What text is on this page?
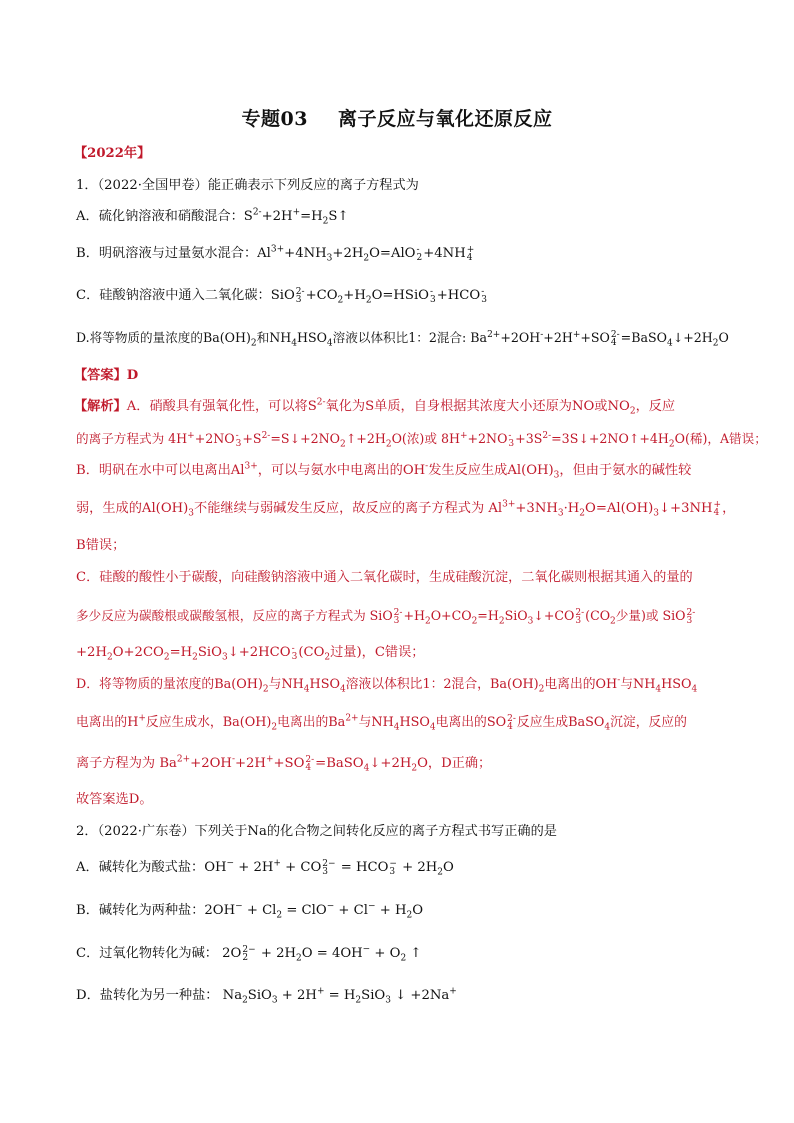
专题03 离子反应与氧化还原反应
【2022年】
1．（2022·全国甲卷）能正确表示下列反应的离子方程式为
A．硫化钠溶液和硝酸混合：$S^{2-}+2H^+=H_2S↑$
B．明矾溶液与过量氨水混合：$Al^{3+}+4NH_3+2H_2O=AlO$ -
2 +4NH +
4
C．硅酸钠溶液中通入二氧化碳：SiO 2-
$3 +CO_2+H_2O=HSiO$ -
3 +HCO -
3
D.将等物质的量浓度的$Ba(OH)_2$和$NH_4HSO_4$溶液以体积比1：2混合: $Ba^{2+}+2OH^-+2H^++SO$ 2-
$4 =BaSO_4↓+2H_2O$
【答案】D
【解析】A．硝酸具有强氧化性，可以将$S^{2-}$氧化为S单质，自身根据其浓度大小还原为NO或$NO_2$，反应
的离子方程式为 4H++2NO -
$3 +S^{2-}=S↓+2NO_2↑+2H_2O$(浓)或 8H++2NO -
$3 +3S^{2-}=3S↓+2NO↑+4H_2O$(稀)，A错误；
B．明矾在水中可以电离出$Al^{3+}$，可以与氨水中电离出的OH-发生反应生成$Al(OH)_3$，但由于氨水的碱性较
弱，生成的$Al(OH)_3$不能继续与弱碱发生反应，故反应的离子方程式为 $Al^{3+}+3NH_3\cdot H_2O=Al(OH)_3↓+3NH$ +
4 ，
B错误；
C．硅酸的酸性小于碳酸，向硅酸钠溶液中通入二氧化碳时，生成硅酸沉淀，二氧化碳则根据其通入的量的
多少反应为碳酸根或碳酸氢根，反应的离子方程式为 SiO 2-
$3 +H_2O+CO_2=H_2SiO_3↓+CO$ 2-
3 ($CO_2$少量)或 SiO 2-
3
$+2H_2O+2CO_2=H_2SiO_3↓+2HCO$ -
3 ($CO_2$过量)，C错误；
D．将等物质的量浓度的$Ba(OH)_2$与$NH_4HSO_4$溶液以体积比1：2混合，$Ba(OH)_2$电离出的OH-与$NH_4HSO_4$
电离出的H+反应生成水，$Ba(OH)_2$电离出的$Ba^{2+}$与$NH_4HSO_4$电离出的SO 2-
4 反应生成BaSO$_4$沉淀，反应的
离子方程为为 $Ba^{2+}+2OH^-+2H^++SO$ 2-
$4 =BaSO_4↓+2H_2O$，D正确；
故答案选D。
2．（2022·广东卷）下列关于Na的化合物之间转化反应的离子方程式书写正确的是
A．碱转化为酸式盐：OH− + 2H+ + CO 2−
3 = HCO −
$3 + 2H_2O$
B．碱转化为两种盐：$2OH^- + Cl_2 = ClO^- + Cl^- + H_2O$
C．过氧化物转化为碱： 2O 2−
$2 + 2H_2O = 4OH^- + O_2$ ↑
D．盐转化为另一种盐： $Na_2SiO_3 + 2H^+ = H_2SiO_3$ ↓ +2Na+
